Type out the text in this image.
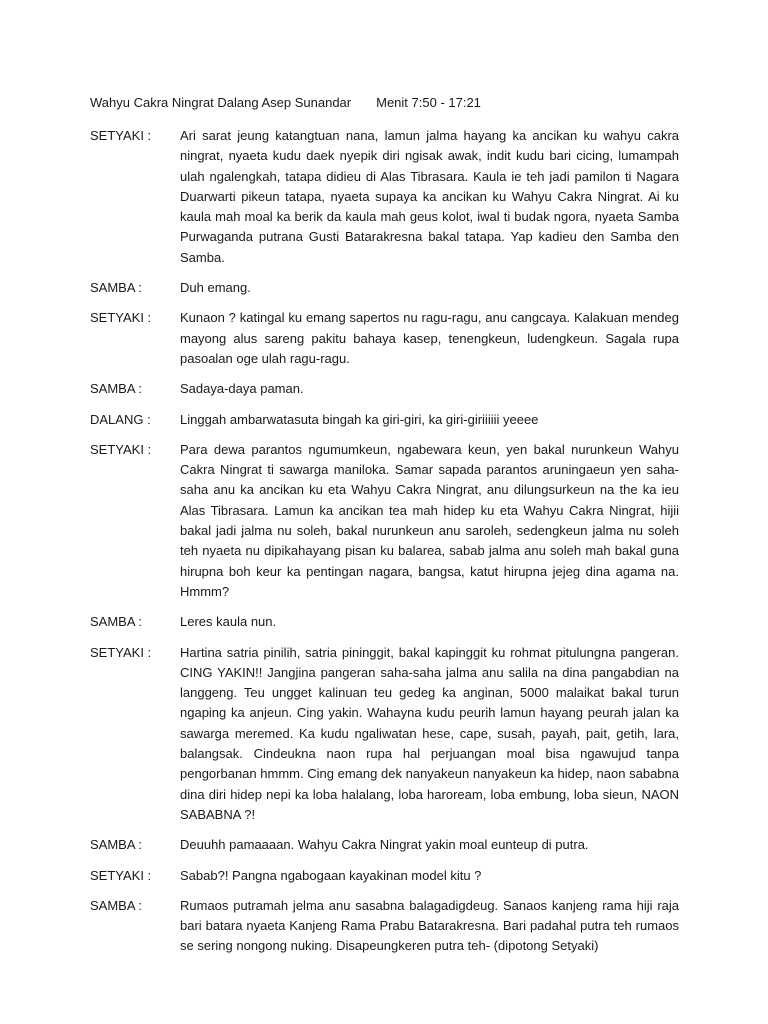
Wahyu Cakra Ningrat Dalang Asep Sunandar Menit 7:50 - 17:21
SETYAKI :	Ari sarat jeung katangtuan nana, lamun jalma hayang ka ancikan ku wahyu cakra ningrat, nyaeta kudu daek nyepik diri ngisak awak, indit kudu bari cicing, lumampah ulah ngalengkah, tatapa didieu di Alas Tibrasara. Kaula ie teh jadi pamilon ti Nagara Duarwarti pikeun tatapa, nyaeta supaya ka ancikan ku Wahyu Cakra Ningrat. Ai ku kaula mah moal ka berik da kaula mah geus kolot, iwal ti budak ngora, nyaeta Samba Purwaganda putrana Gusti Batarakresna bakal tatapa. Yap kadieu den Samba den Samba.
SAMBA :	Duh emang.
SETYAKI :	Kunaon ? katingal ku emang sapertos nu ragu-ragu, anu cangcaya. Kalakuan mendeg mayong alus sareng pakitu bahaya kasep, tenengkeun, ludengkeun. Sagala rupa pasoalan oge ulah ragu-ragu.
SAMBA :	Sadaya-daya paman.
DALANG :	Linggah ambarwatasuta bingah ka giri-giri, ka giri-giriiiiii yeeee
SETYAKI :	Para dewa parantos ngumumkeun, ngabewara keun, yen bakal nurunkeun Wahyu Cakra Ningrat ti sawarga maniloka. Samar sapada parantos aruningaeun yen saha-saha anu ka ancikan ku eta Wahyu Cakra Ningrat, anu dilungsurkeun na the ka ieu Alas Tibrasara. Lamun ka ancikan tea mah hidep ku eta Wahyu Cakra Ningrat, hijii bakal jadi jalma nu soleh, bakal nurunkeun anu saroleh, sedengkeun jalma nu soleh teh nyaeta nu dipikahayang pisan ku balarea, sabab jalma anu soleh mah bakal guna hirupna boh keur ka pentingan nagara, bangsa, katut hirupna jejeg dina agama na. Hmmm?
SAMBA :	Leres kaula nun.
SETYAKI :	Hartina satria pinilih, satria pininggit, bakal kapinggit ku rohmat pitulungna pangeran. CING YAKIN!! Jangjina pangeran saha-saha jalma anu salila na dina pangabdian na langgeng. Teu ungget kalinuan teu gedeg ka anginan, 5000 malaikat bakal turun ngaping ka anjeun. Cing yakin. Wahayna kudu peurih lamun hayang peurah jalan ka sawarga meremed. Ka kudu ngaliwatan hese, cape, susah, payah, pait, getih, lara, balangsak. Cindeukna naon rupa hal perjuangan moal bisa ngawujud tanpa pengorbanan hmmm. Cing emang dek nanyakeun nanyakeun ka hidep, naon sababna dina diri hidep nepi ka loba halalang, loba haroream, loba embung, loba sieun, NAON SABABNA ?!
SAMBA :	Deuuhh pamaaaan. Wahyu Cakra Ningrat yakin moal eunteup di putra.
SETYAKI :	Sabab?! Pangna ngabogaan kayakinan model kitu ?
SAMBA :	Rumaos putramah jelma anu sasabna balagadigdeug. Sanaos kanjeng rama hiji raja bari batara nyaeta Kanjeng Rama Prabu Batarakresna. Bari padahal putra teh rumaos se sering nongong nuking. Disapeungkeren putra teh- (dipotong Setyaki)
